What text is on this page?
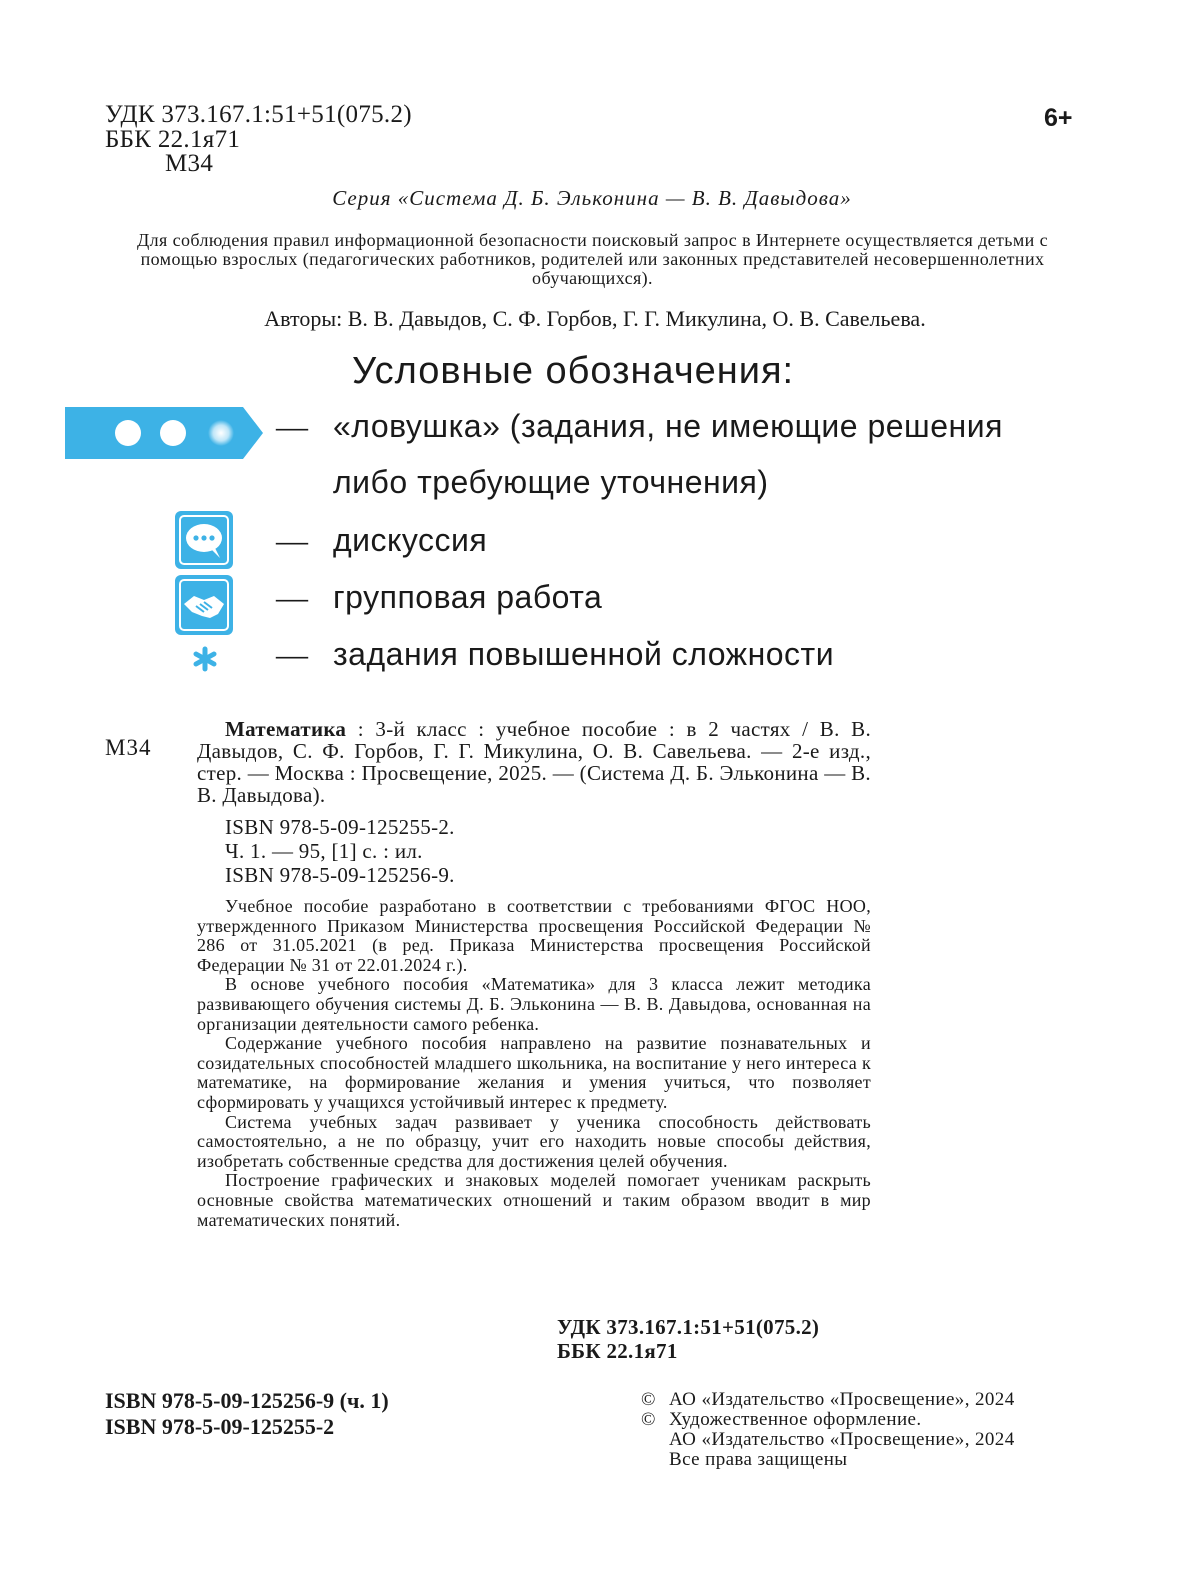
УДК 373.167.1:51+51(075.2)
ББК 22.1я71
М34
6+
Серия «Система Д. Б. Эльконина — В. В. Давыдова»
Для соблюдения правил информационной безопасности поисковый запрос в Интернете осуществляется детьми с помощью взрослых (педагогических работников, родителей или законных представителей несовершеннолетних обучающихся).
Авторы: В. В. Давыдов, С. Ф. Горбов, Г. Г. Микулина, О. В. Савельева.
Условные обозначения:
— «ловушка» (задания, не имеющие решения
либо требующие уточнения)
— дискуссия
— групповая работа
— задания повышенной сложности
М34
Математика : 3-й класс : учебное пособие : в 2 частях / В. В. Давыдов, С. Ф. Горбов, Г. Г. Микулина, О. В. Савельева. — 2-е изд., стер. — Москва : Просвещение, 2025. — (Система Д. Б. Эльконина — В. В. Давыдова).
ISBN 978-5-09-125255-2.
Ч. 1. — 95, [1] с. : ил.
ISBN 978-5-09-125256-9.

Учебное пособие разработано в соответствии с требованиями ФГОС НОО, утвержденного Приказом Министерства просвещения Российской Федерации № 286 от 31.05.2021 (в ред. Приказа Министерства просвещения Российской Федерации № 31 от 22.01.2024 г.).

В основе учебного пособия «Математика» для 3 класса лежит методика развивающего обучения системы Д. Б. Эльконина — В. В. Давыдова, основанная на организации деятельности самого ребенка.

Содержание учебного пособия направлено на развитие познавательных и созидательных способностей младшего школьника, на воспитание у него интереса к математике, на формирование желания и умения учиться, что позволяет сформировать у учащихся устойчивый интерес к предмету.

Система учебных задач развивает у ученика способность действовать самостоятельно, а не по образцу, учит его находить новые способы действия, изобретать собственные средства для достижения целей обучения.

Построение графических и знаковых моделей помогает ученикам раскрыть основные свойства математических отношений и таким образом вводит в мир математических понятий.

УДК 373.167.1:51+51(075.2)
ББК 22.1я71
ISBN 978-5-09-125256-9 (ч. 1)
ISBN 978-5-09-125255-2
© АО «Издательство «Просвещение», 2024
© Художественное оформление.
АО «Издательство «Просвещение», 2024
Все права защищены
